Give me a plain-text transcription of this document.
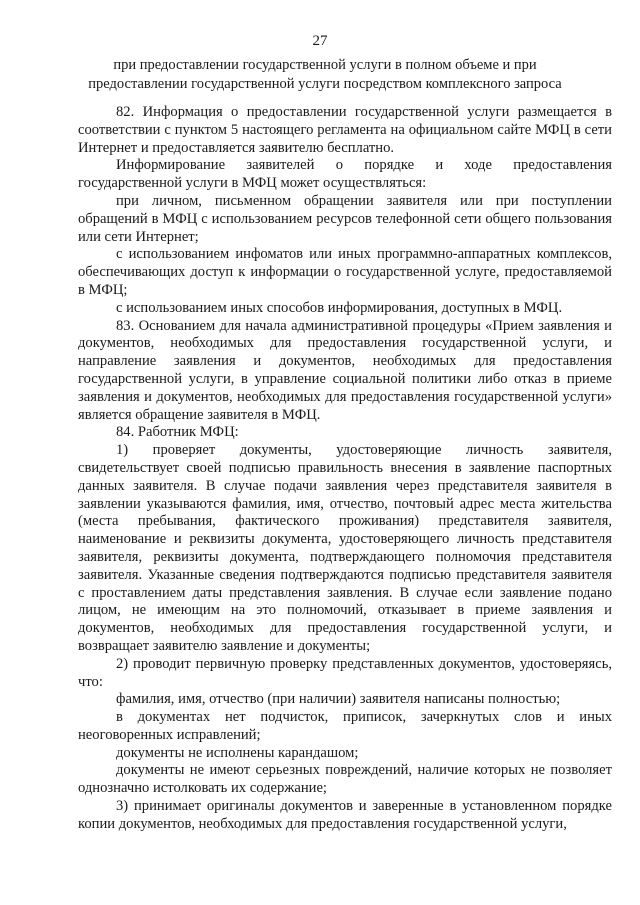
27
при предоставлении государственной услуги в полном объеме и при
предоставлении государственной услуги посредством комплексного запроса

82. Информация о предоставлении государственной услуги размещается в соответствии с пунктом 5 настоящего регламента на официальном сайте МФЦ в сети Интернет и предоставляется заявителю бесплатно.

Информирование заявителей о порядке и ходе предоставления государственной услуги в МФЦ может осуществляться:

при личном, письменном обращении заявителя или при поступлении обращений в МФЦ с использованием ресурсов телефонной сети общего пользования или сети Интернет;

с использованием инфоматов или иных программно-аппаратных комплексов, обеспечивающих доступ к информации о государственной услуге, предоставляемой в МФЦ;

с использованием иных способов информирования, доступных в МФЦ.

83. Основанием для начала административной процедуры «Прием заявления и документов, необходимых для предоставления государственной услуги, и направление заявления и документов, необходимых для предоставления государственной услуги, в управление социальной политики либо отказ в приеме заявления и документов, необходимых для предоставления государственной услуги» является обращение заявителя в МФЦ.

84. Работник МФЦ:

1) проверяет документы, удостоверяющие личность заявителя, свидетельствует своей подписью правильность внесения в заявление паспортных данных заявителя. В случае подачи заявления через представителя заявителя в заявлении указываются фамилия, имя, отчество, почтовый адрес места жительства (места пребывания, фактического проживания) представителя заявителя, наименование и реквизиты документа, удостоверяющего личность представителя заявителя, реквизиты документа, подтверждающего полномочия представителя заявителя. Указанные сведения подтверждаются подписью представителя заявителя с проставлением даты представления заявления. В случае если заявление подано лицом, не имеющим на это полномочий, отказывает в приеме заявления и документов, необходимых для предоставления государственной услуги, и возвращает заявителю заявление и документы;

2) проводит первичную проверку представленных документов, удостоверяясь, что:

фамилия, имя, отчество (при наличии) заявителя написаны полностью;

в документах нет подчисток, приписок, зачеркнутых слов и иных неоговоренных исправлений;

документы не исполнены карандашом;

документы не имеют серьезных повреждений, наличие которых не позволяет однозначно истолковать их содержание;

3) принимает оригиналы документов и заверенные в установленном порядке копии документов, необходимых для предоставления государственной услуги,
